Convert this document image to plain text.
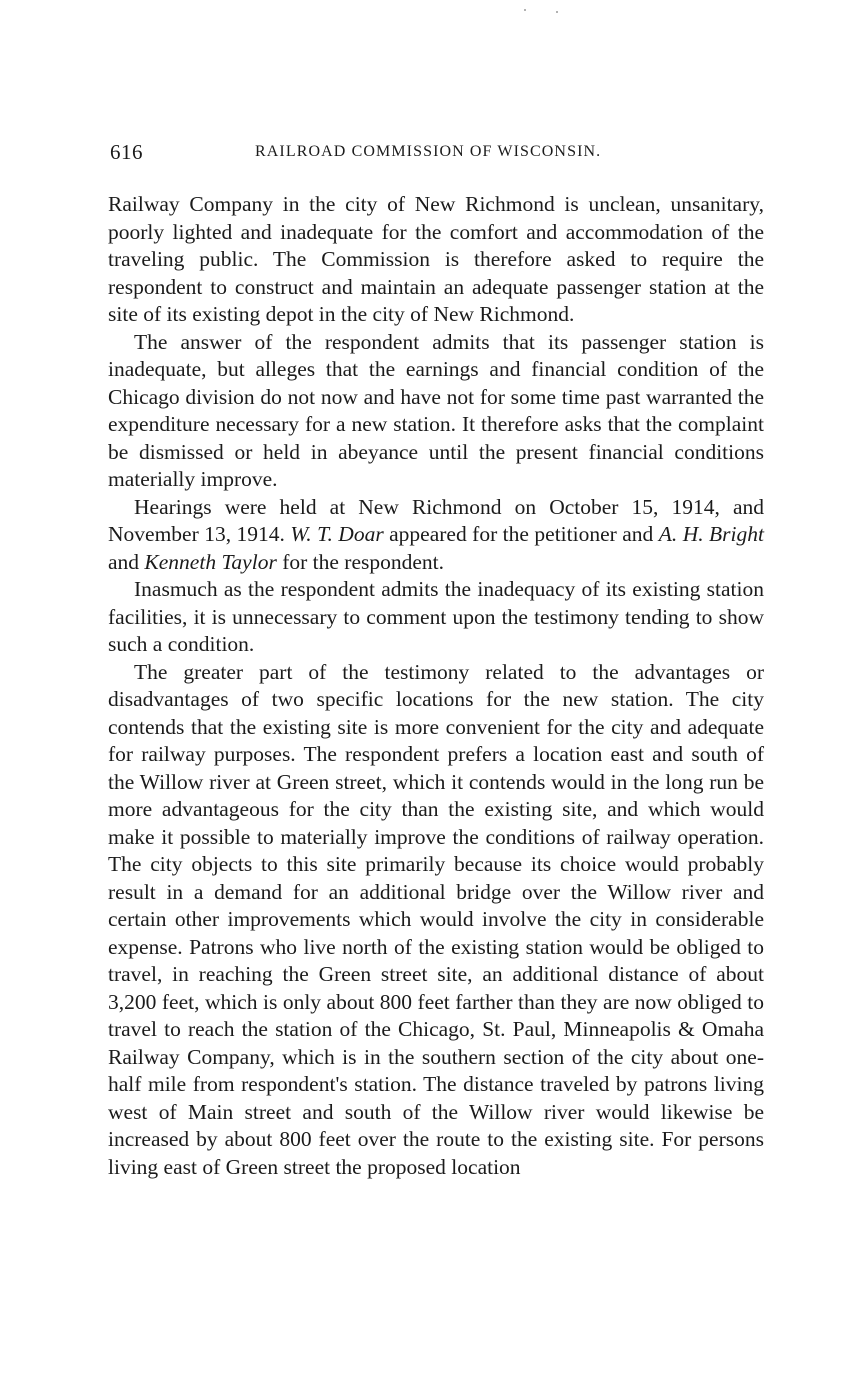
616	RAILROAD COMMISSION OF WISCONSIN.

Railway Company in the city of New Richmond is unclean, unsanitary, poorly lighted and inadequate for the comfort and accommodation of the traveling public. The Commission is therefore asked to require the respondent to construct and maintain an adequate passenger station at the site of its existing depot in the city of New Richmond.

The answer of the respondent admits that its passenger station is inadequate, but alleges that the earnings and financial condition of the Chicago division do not now and have not for some time past warranted the expenditure necessary for a new station. It therefore asks that the complaint be dismissed or held in abeyance until the present financial conditions materially improve.

Hearings were held at New Richmond on October 15, 1914, and November 13, 1914. W. T. Doar appeared for the petitioner and A. H. Bright and Kenneth Taylor for the respondent.

Inasmuch as the respondent admits the inadequacy of its existing station facilities, it is unnecessary to comment upon the testimony tending to show such a condition.

The greater part of the testimony related to the advantages or disadvantages of two specific locations for the new station. The city contends that the existing site is more convenient for the city and adequate for railway purposes. The respondent prefers a location east and south of the Willow river at Green street, which it contends would in the long run be more advantageous for the city than the existing site, and which would make it possible to materially improve the conditions of railway operation. The city objects to this site primarily because its choice would probably result in a demand for an additional bridge over the Willow river and certain other improvements which would involve the city in considerable expense. Patrons who live north of the existing station would be obliged to travel, in reaching the Green street site, an additional distance of about 3,200 feet, which is only about 800 feet farther than they are now obliged to travel to reach the station of the Chicago, St. Paul, Minneapolis & Omaha Railway Company, which is in the southern section of the city about one-half mile from respondent's station. The distance traveled by patrons living west of Main street and south of the Willow river would likewise be increased by about 800 feet over the route to the existing site. For persons living east of Green street the proposed location
